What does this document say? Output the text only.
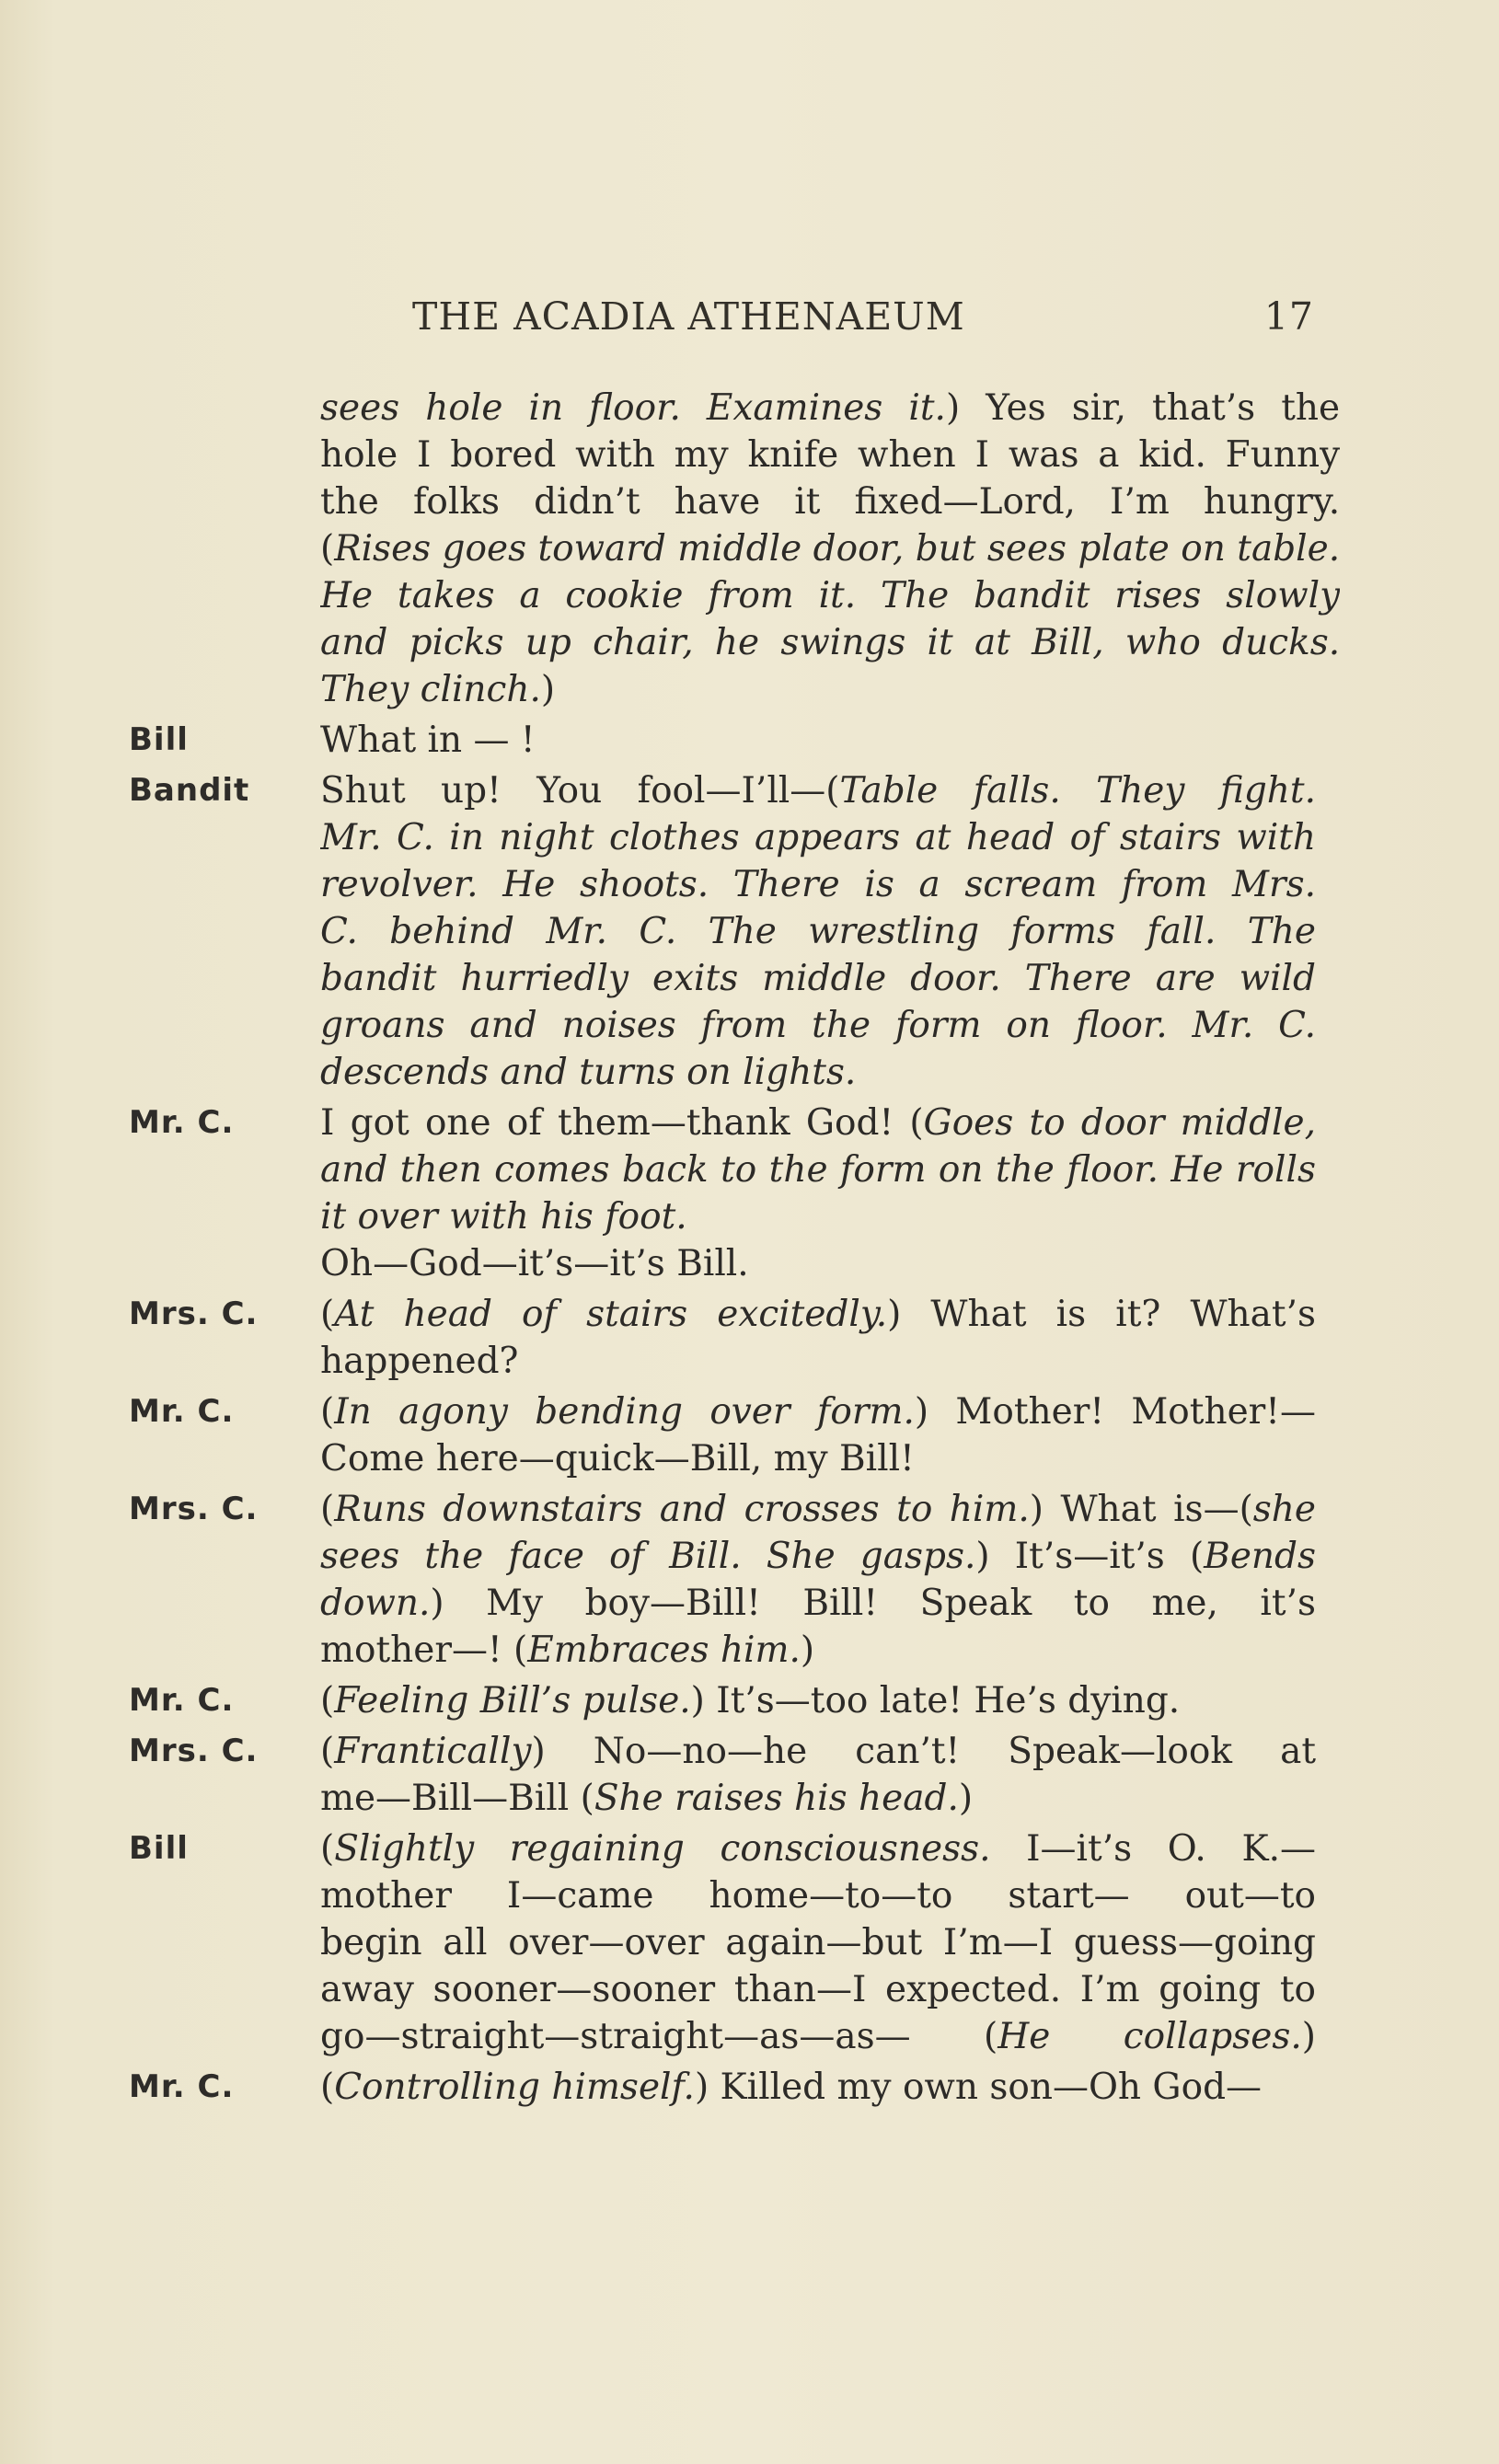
THE ACADIA ATHENAEUM	17
sees hole in floor. Examines it.) Yes sir, that’s the
hole I bored with my knife when I was a kid. Funny
the folks didn’t have it fixed—Lord, I’m hungry.
(Rises goes toward middle door, but sees plate on table.
He takes a cookie from it. The bandit rises slowly
and picks up chair, he swings it at Bill, who ducks.
They clinch.)
Bill	What in — !
Bandit	Shut up! You fool—I’ll—(Table falls. They fight.
Mr. C. in night clothes appears at head of stairs with
revolver. He shoots. There is a scream from Mrs.
C. behind Mr. C. The wrestling forms fall. The
bandit hurriedly exits middle door. There are wild
groans and noises from the form on floor. Mr. C.
descends and turns on lights.
Mr. C.	I got one of them—thank God! (Goes to door middle,
and then comes back to the form on the floor. He rolls
it over with his foot.
Oh—God—it’s—it’s Bill.
Mrs. C.	(At head of stairs excitedly.) What is it? What’s
happened?
Mr. C.	(In agony bending over form.) Mother! Mother!—
Come here—quick—Bill, my Bill!
Mrs. C.	(Runs downstairs and crosses to him.) What is—(she
sees the face of Bill. She gasps.) It’s—it’s (Bends
down.) My boy—Bill! Bill! Speak to me, it’s
mother—! (Embraces him.)
Mr. C.	(Feeling Bill’s pulse.) It’s—too late! He’s dying.
Mrs. C.	(Frantically) No—no—he can’t! Speak—look at
me—Bill—Bill (She raises his head.)
Bill	(Slightly regaining consciousness. I—it’s O. K.—
mother I—came home—to—to start— out—to
begin all over—over again—but I’m—I guess—going
away sooner—sooner than—I expected. I’m going to
go—straight—straight—as—as— (He collapses.)
Mr. C.	(Controlling himself.) Killed my own son—Oh God—
